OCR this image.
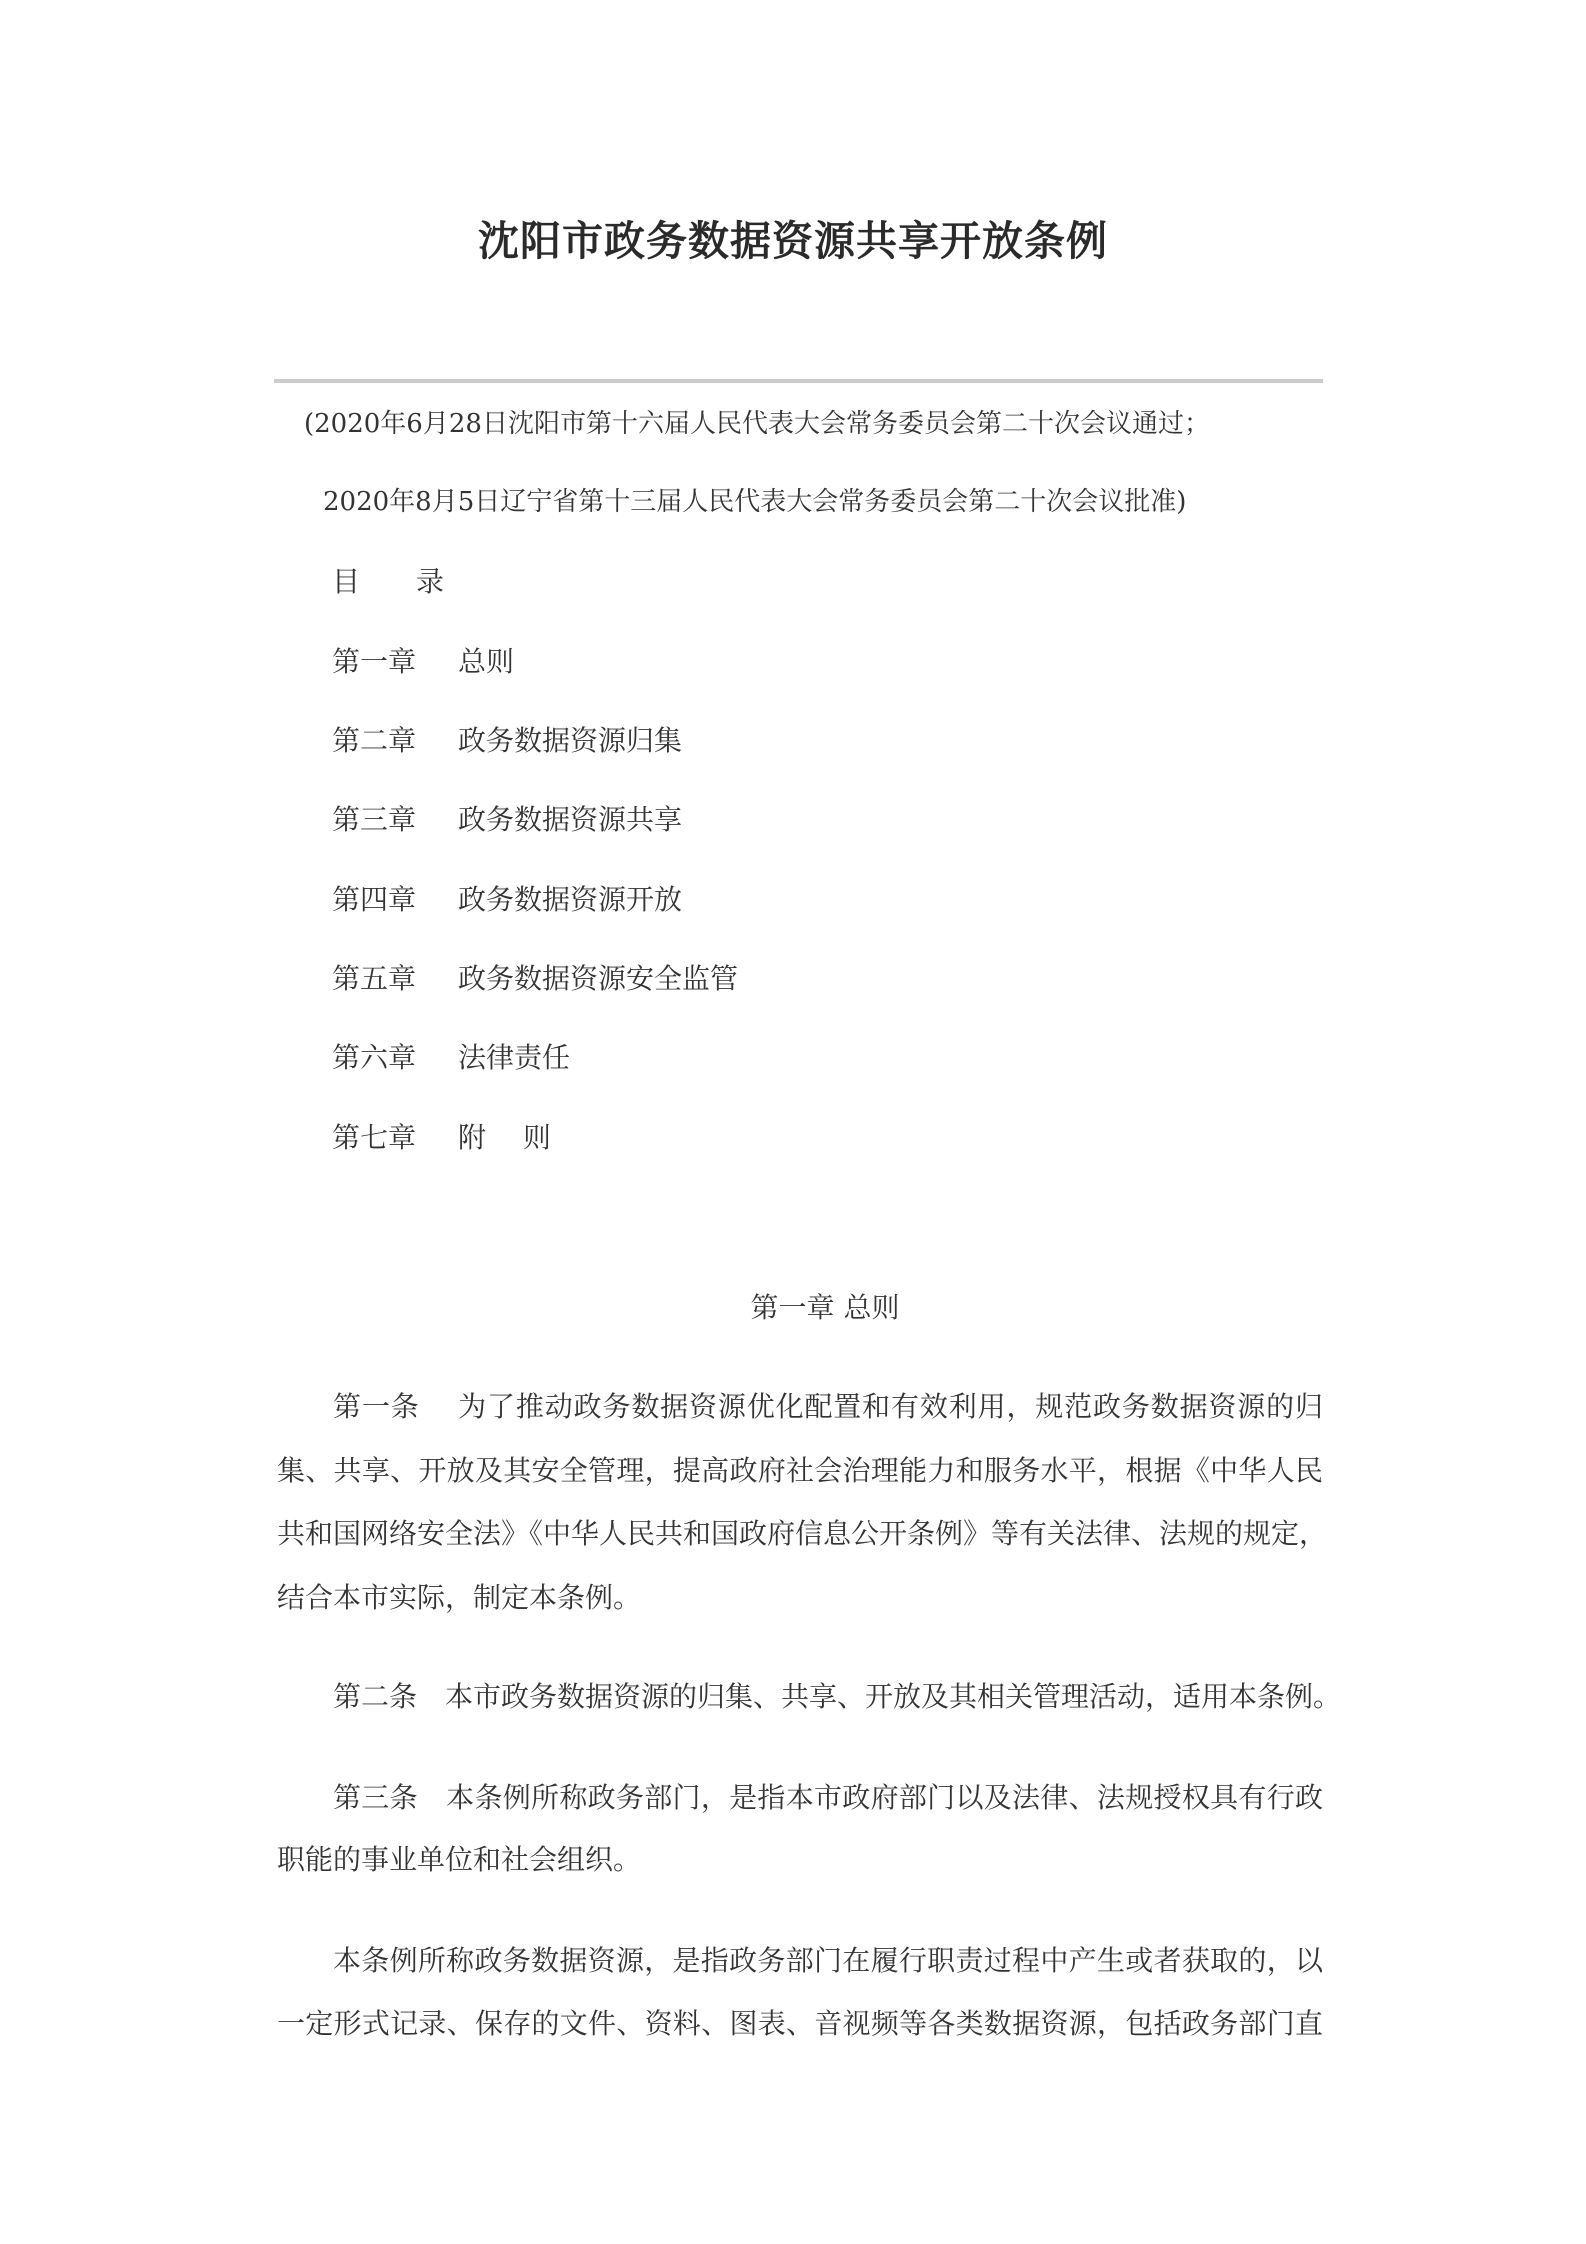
沈阳市政务数据资源共享开放条例
(2020年6月28日沈阳市第十六届人民代表大会常务委员会第二十次会议通过；
2020年8月5日辽宁省第十三届人民代表大会常务委员会第二十次会议批准)
目　　录
第一章 总则
第二章 政务数据资源归集
第三章 政务数据资源共享
第四章 政务数据资源开放
第五章 政务数据资源安全监管
第六章 法律责任
第七章 附　 则
第一章 总则
第一条　 为了推动政务数据资源优化配置和有效利用，规范政务数据资源的归
集、共享、开放及其安全管理，提高政府社会治理能力和服务水平，根据《中华人民
共和国网络安全法》《中华人民共和国政府信息公开条例》等有关法律、法规的规定，
结合本市实际，制定本条例。
第二条　本市政务数据资源的归集、共享、开放及其相关管理活动，适用本条例。
第三条　本条例所称政务部门，是指本市政府部门以及法律、法规授权具有行政
职能的事业单位和社会组织。
本条例所称政务数据资源，是指政务部门在履行职责过程中产生或者获取的，以
一定形式记录、保存的文件、资料、图表、音视频等各类数据资源，包括政务部门直
